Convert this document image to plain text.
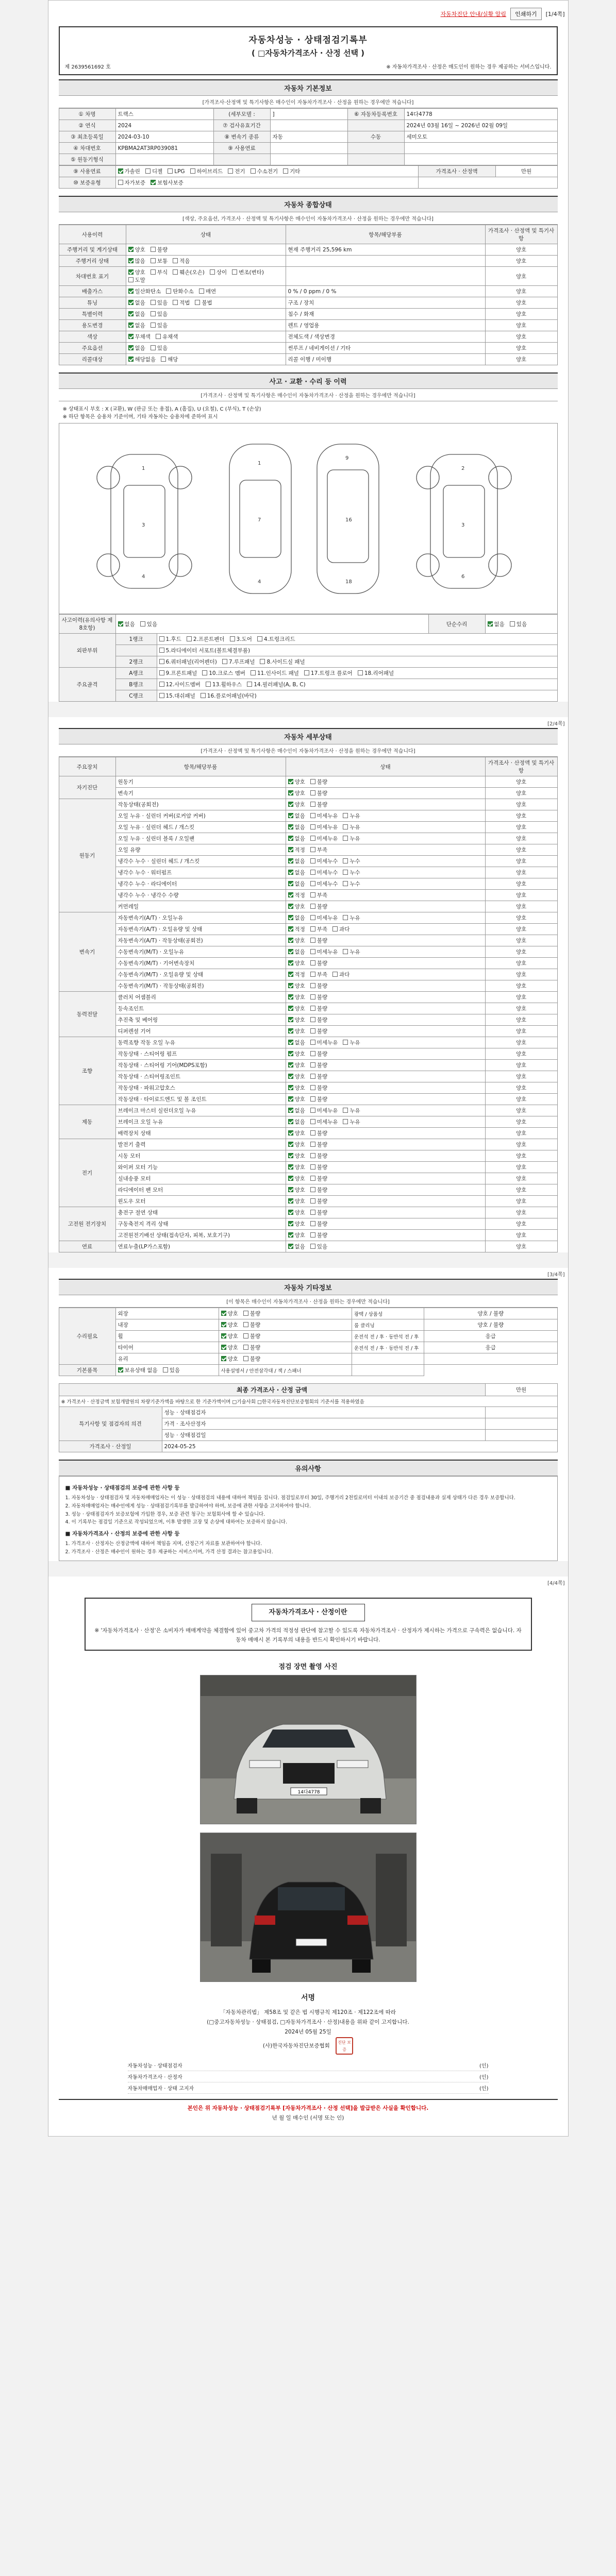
자동차진단 안내/실황 알림	인쇄하기	[1/4쪽]
자동차성능 · 상태점검기록부
( □자동차가격조사 · 산정 선택 )
제 2639561692 호	※ 자동차가격조사 · 산정은 매도인이 원하는 경우 제공하는 서비스입니다.
자동차 기본정보
[가격조사·산정액 및 특기사항은 매수인이 자동차가격조사 · 산정을 원하는 경우에만 적습니다]
① 차명	트랙스	(세부모델 :	]	⑥ 자동차등록번호	14다4778
② 연식	2024	⑦ 검사유효기간			2024년 03월 16일 ~ 2026년 02월 09일
③ 최초등록일	2024-03-10	⑧ 변속기 종류	자동	수동	세미오토
④ 차대번호	KPBMA2AT3RP039081	⑨ 사용연료			
⑤ 원동기형식					
⑨ 사용연료	가솔린 디젤 LPG 하이브리드 전기 수소전기 기타	가격조사 · 산정액	만원
⑩ 보증유형	자가보증 보험사보증		
자동차 종합상태
[색상, 주요옵션, 가격조사 · 산정액 및 특기사항은 매수인이 자동차가격조사 · 산정을 원하는 경우에만 적습니다]
사용이력	상태	항목/해당부품	가격조사 · 산정액 및 특기사항
주행거리 및 계기상태	양호 불량	현재 주행거리 25,596 km	양호
주행거리 상태	많음 보통 적음		양호
차대번호 표기	양호 부식 훼손(오손) 상이 변조(변타)도말		양호
배출가스	일산화탄소 탄화수소 매연	0 % / 0 ppm / 0 %	양호
튜닝	없음 있음 적법 불법	구조 / 장치	양호
특별이력	없음 있음	침수 / 화재	양호
용도변경	없음 있음	렌트 / 영업용	양호
색상	무채색 유채색	전체도색 / 색상변경	양호
주요옵션	없음 있음	썬루프 / 네비게이션 / 기타	양호
리콜대상	해당없음 해당	리콜 이행 / 미이행	양호
사고 · 교환 · 수리 등 이력
[가격조사 · 산정액 및 특기사항은 매수인이 자동차가격조사 · 산정을 원하는 경우에만 적습니다]
※ 상태표시 부호 : X (교환), W (판금 또는 용접), A (흠집), U (요철), C (부식), T (손상)
※ 하단 항목은 승용차 기준이며, 기타 자동차는 승용차에 준하여 표시
1
3
4
1
7
4
9
16
18
2
3
6
사고이력(유의사항 제8호항)	없음 있음		단순수리	없음 있음
외판부위	1랭크	1.후드 2.프론트펜더 3.도어 4.트렁크리드		
		5.라디에이터 서포트(볼트체결부품)		
	2랭크	6.쿼터패널(리어펜더) 7.루프패널 8.사이드실 패널		
주요골격	A랭크	9.프론트패널 10.크로스 멤버 11.인사이드 패널 17.트렁크 플로어 18.리어패널		
	B랭크	12.사이드멤버 13.휠하우스 14.필러패널(A, B, C)		
	C랭크	15.대쉬패널 16.플로어패널(바닥)		
[2/4쪽]
자동차 세부상태
[가격조사 · 산정액 및 특기사항은 매수인이 자동차가격조사 · 산정을 원하는 경우에만 적습니다]
주요장치	항목/해당부품	상태	가격조사 · 산정액 및 특기사항
자기진단	원동기	양호 불량	양호
	변속기	양호 불량	양호
원동기	작동상태(공회전)	양호 불량	양호
	오일 누유 · 실린더 커버(로커암 커버)	없음 미세누유 누유	양호
	오일 누유 · 실린더 헤드 / 개스킷	없음 미세누유 누유	양호
	오일 누유 · 실린더 블록 / 오일팬	없음 미세누유 누유	양호
	오일 유량	적정 부족	양호
	냉각수 누수 · 실린더 헤드 / 개스킷	없음 미세누수 누수	양호
	냉각수 누수 · 워터펌프	없음 미세누수 누수	양호
	냉각수 누수 · 라디에이터	없음 미세누수 누수	양호
	냉각수 누수 · 냉각수 수량	적정 부족	양호
	커먼레일	양호 불량	양호
변속기	자동변속기(A/T) · 오일누유	없음 미세누유 누유	양호
	자동변속기(A/T) · 오일유량 및 상태	적정 부족 과다	양호
	자동변속기(A/T) · 작동상태(공회전)	양호 불량	양호
	수동변속기(M/T) · 오일누유	없음 미세누유 누유	양호
	수동변속기(M/T) · 기어변속장치	양호 불량	양호
	수동변속기(M/T) · 오일유량 및 상태	적정 부족 과다	양호
	수동변속기(M/T) · 작동상태(공회전)	양호 불량	양호
동력전달	클러치 어셈블리	양호 불량	양호
	등속조인트	양호 불량	양호
	추진축 및 베어링	양호 불량	양호
	디퍼렌셜 기어	양호 불량	양호
조향	동력조향 작동 오일 누유	없음 미세누유 누유	양호
	작동상태 · 스티어링 펌프	양호 불량	양호
	작동상태 · 스티어링 기어(MDPS포함)	양호 불량	양호
	작동상태 · 스티어링조인트	양호 불량	양호
	작동상태 · 파워고압호스	양호 불량	양호
	작동상태 · 타이로드엔드 및 볼 조인트	양호 불량	양호
제동	브레이크 마스터 실린더오일 누유	없음 미세누유 누유	양호
	브레이크 오일 누유	없음 미세누유 누유	양호
	배력장치 상태	양호 불량	양호
전기	발전기 출력	양호 불량	양호
	시동 모터	양호 불량	양호
	와이퍼 모터 기능	양호 불량	양호
	실내송풍 모터	양호 불량	양호
	라디에이터 팬 모터	양호 불량	양호
	윈도우 모터	양호 불량	양호
고전원 전기장치	충전구 절연 상태	양호 불량	양호
	구동축전지 격리 상태	양호 불량	양호
	고전원전기배선 상태(접속단자, 피복, 보호기구)	양호 불량	양호
연료	연료누출(LP가스포함)	없음 있음	양호
[3/4쪽]
자동차 기타정보
[이 항목은 매수인이 자동차가격조사 · 산정을 원하는 경우에만 적습니다]
수리필요	외장	양호 불량	광택 / 상품성	양호 / 불량
	내장	양호 불량	룸 클리닝	양호 / 불량
	휠	양호 불량	운전석 전 / 후 · 동반석 전 / 후	응급
	타이어	양호 불량	운전석 전 / 후 · 동반석 전 / 후	응급
	유리	양호 불량		
기본품목	보유상태 없음 있음	사용설명서 / 안전삼각대 / 잭 / 스패너		
최종 가격조사 · 산정 금액		만원
※ 가격조사 · 산정금액 보험개발원의 차량기준가액을 바탕으로 한 기준가액이며 □기술사회 □한국자동차진단보증협회의 기준서를 적용하였음		
특기사항 및 점검자의 의견	성능 · 상태점검자	
	가격 · 조사산정자	
	성능 · 상태점검일	
가격조사 · 산정일	2024-05-25	
유의사항
■ 자동차성능 · 상태점검의 보증에 관한 사항 등
1. 자동차성능 · 상태점검자 및 자동차매매업자는 이 성능 · 상태점검의 내용에 대하여 책임을 집니다. 점검일로부터 30일, 주행거리 2천킬로미터 이내의 보증기간 중 점검내용과 실제 상태가 다른 경우 보증합니다.
2. 자동차매매업자는 매수인에게 성능 · 상태점검기록부를 발급하여야 하며, 보증에 관한 사항을 고지하여야 합니다.
3. 성능 · 상태점검자가 보증보험에 가입한 경우, 보증 관련 청구는 보험회사에 할 수 있습니다.
4. 이 기록부는 점검일 기준으로 작성되었으며, 이후 발생한 고장 및 손상에 대하여는 보증하지 않습니다.
■ 자동차가격조사 · 산정의 보증에 관한 사항 등
1. 가격조사 · 산정자는 산정금액에 대하여 책임을 지며, 산정근거 자료를 보관하여야 합니다.
2. 가격조사 · 산정은 매수인이 원하는 경우 제공하는 서비스이며, 가격 산정 결과는 참고용입니다.
[4/4쪽]
자동차가격조사 · 산정이란
※ '자동차가격조사 · 산정'은 소비자가 매매계약을 체결함에 있어 중고차 가격의 적정성 판단에 참고할 수 있도록 자동차가격조사 · 산정자가 제시하는 가격으로 구속력은 없습니다. 자동차 매매시 본 기록부의 내용을 반드시 확인하시기 바랍니다.
점검 장면 촬영 사진
14다4778
서명
「자동차관리법」 제58조 및 같은 법 시행규칙 제120조 · 제122조에 따라
(□중고자동차성능 · 상태점검, □자동차가격조사 · 산정)내용을 위와 같이 고지합니다.
2024년 05월 25일
(사)한국자동차진단보증협회 진단 보증
자동차성능 · 상태점검자	(인)
자동차가격조사 · 산정자	(인)
자동차매매업자 · 상태 고지자	(인)
본인은 위 자동차성능 · 상태점검기록부 [자동차가격조사 · 산정 선택]을 발급받은 사실을 확인합니다.
년 월 일 매수인 (서명 또는 인)
